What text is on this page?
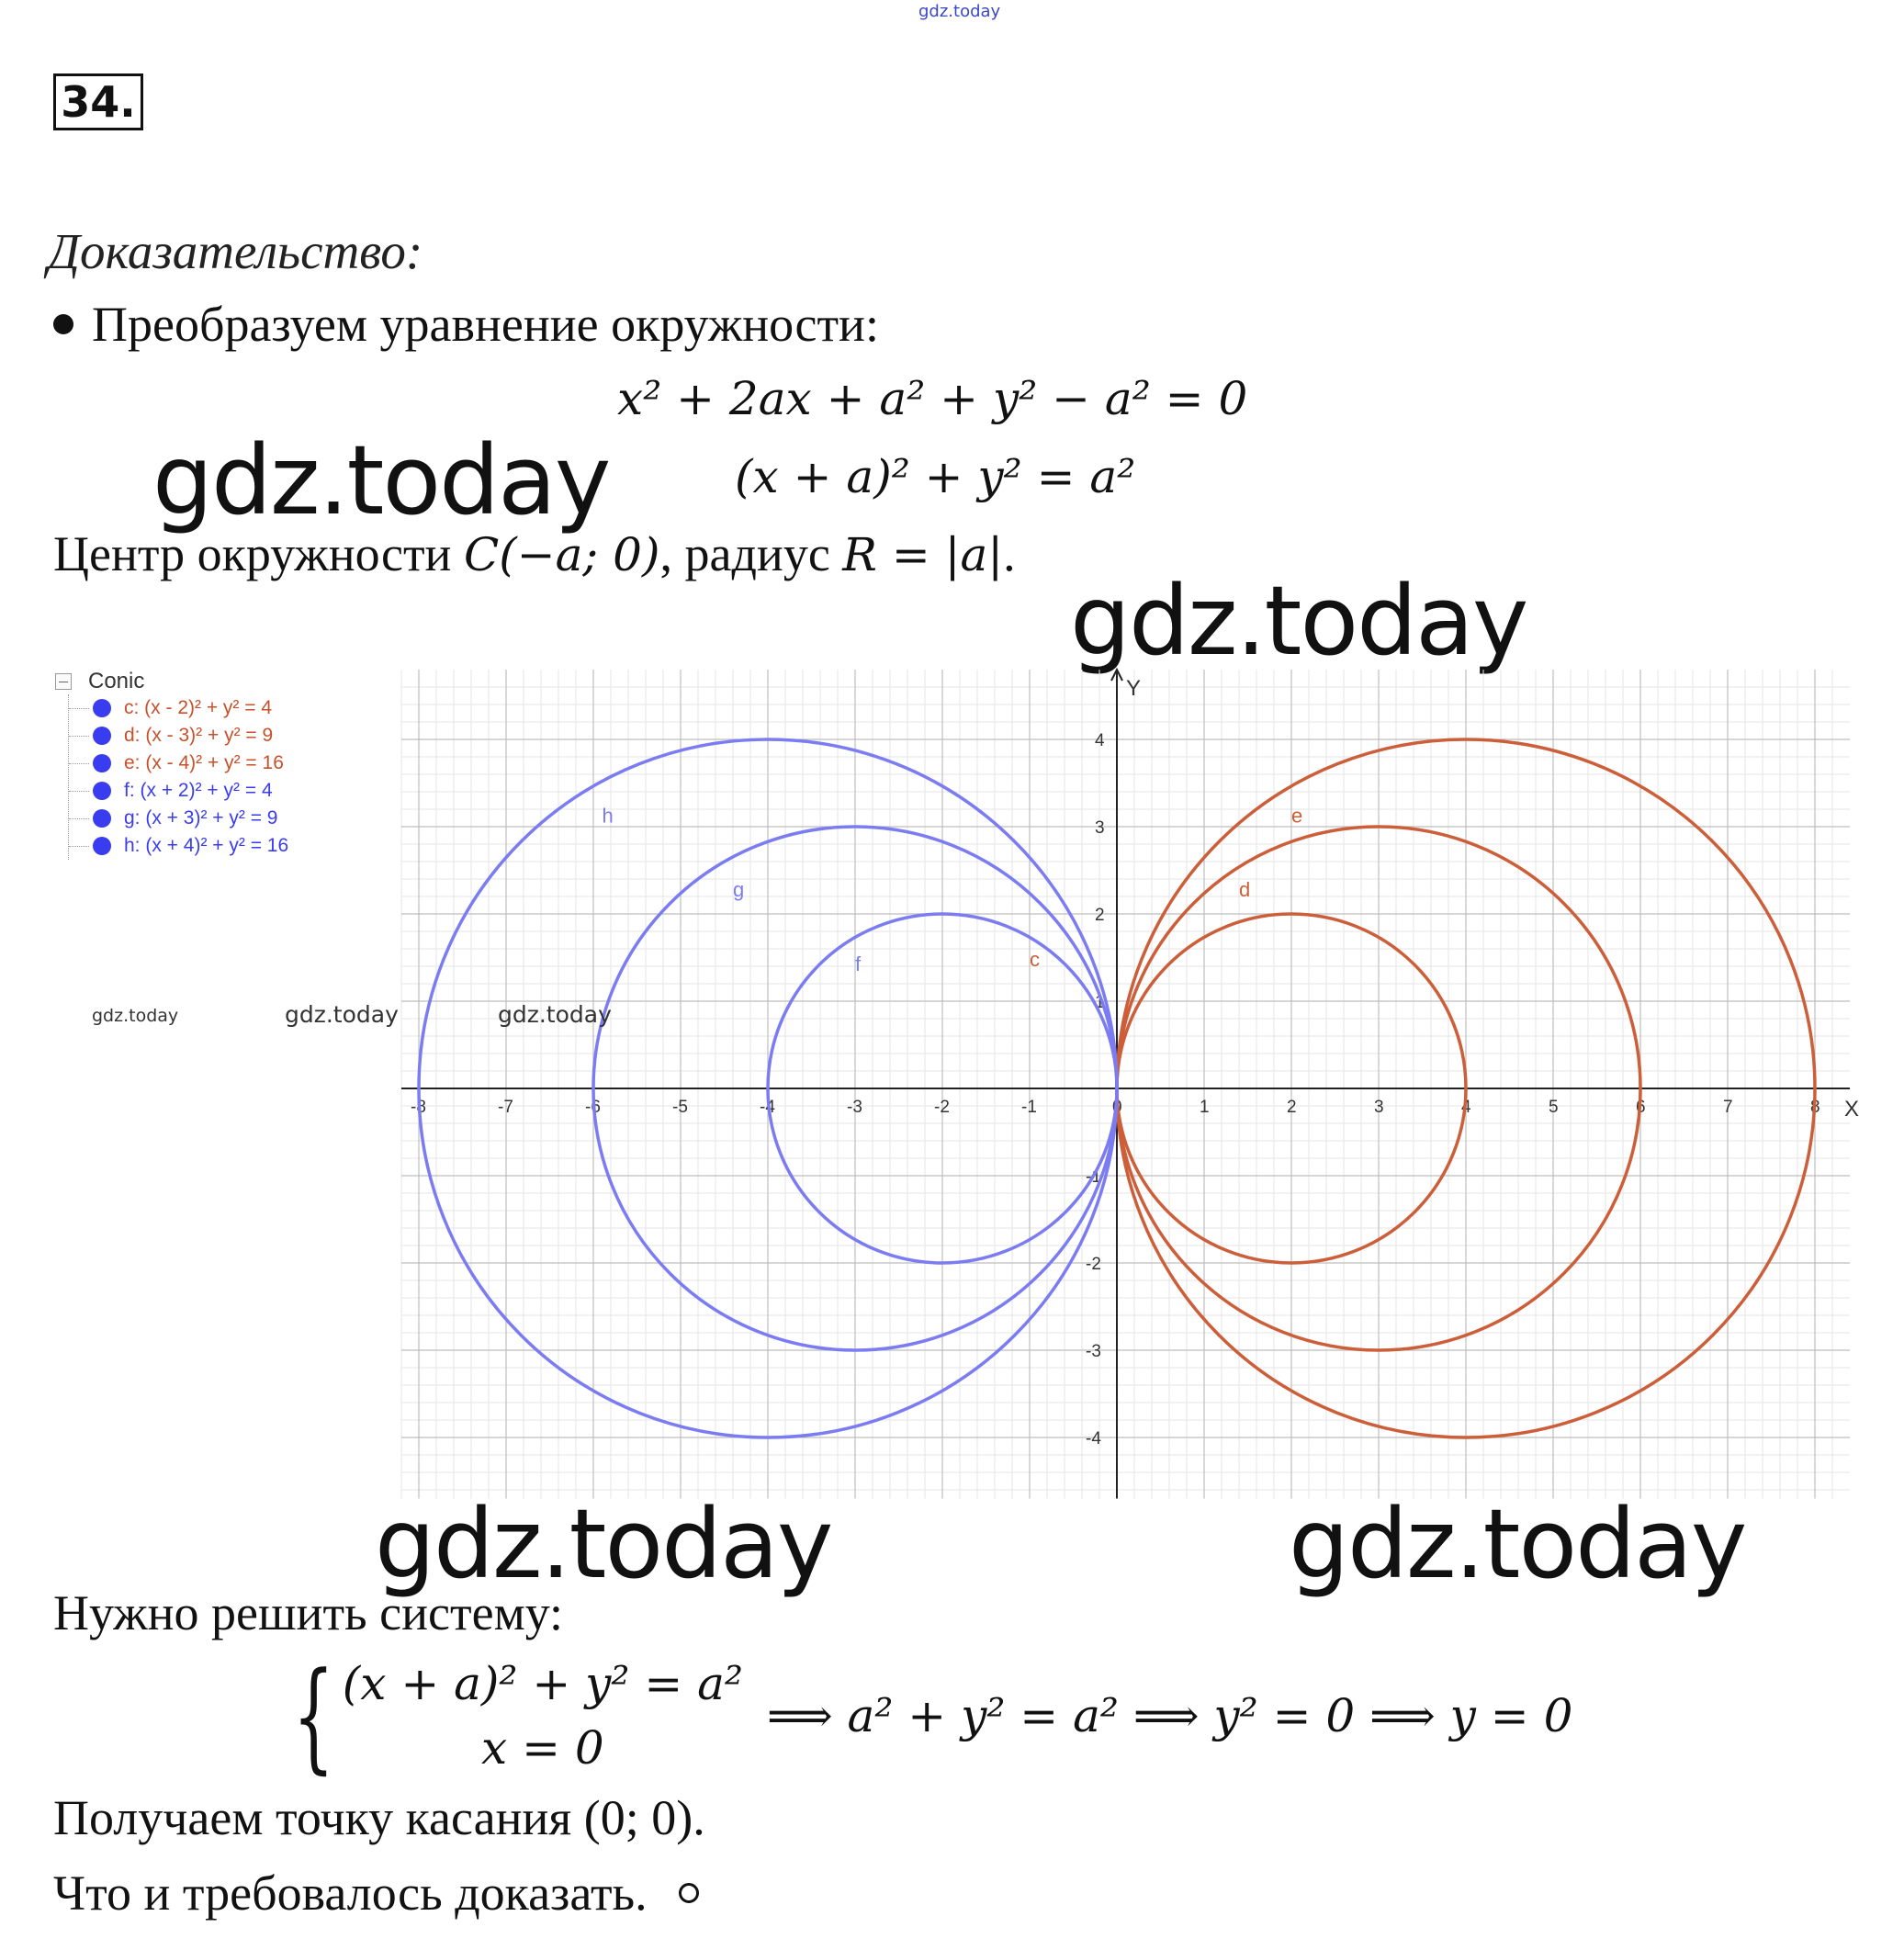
gdz.today
34.
Доказательство:
Преобразуем уравнение окружности:
x² + 2ax + a² + y² − a² = 0
(x + a)² + y² = a²
Центр окружности C(−a; 0), радиус R = |a|.
gdz.today
gdz.today
gdz.today	gdz.today
Conic
c: (x - 2)² + y² = 4
d: (x - 3)² + y² = 9
e: (x - 4)² + y² = 16
f: (x + 2)² + y² = 4
g: (x + 3)² + y² = 9
h: (x + 4)² + y² = 16
gdz.today	gdz.today	gdz.today
X
Y
-8	-7	-6	-5	-4	-3	-2	-1	0	1	2	3	4	5	6	7	8
4
3
2
1
-1
-2
-3
-4
c
d
e
f
g
h
Нужно решить систему:
{ (x + a)² + y² = a²
x = 0
⟹ a² + y² = a² ⟹ y² = 0 ⟹ y = 0
Получаем точку касания (0; 0).
Что и требовалось доказать.
